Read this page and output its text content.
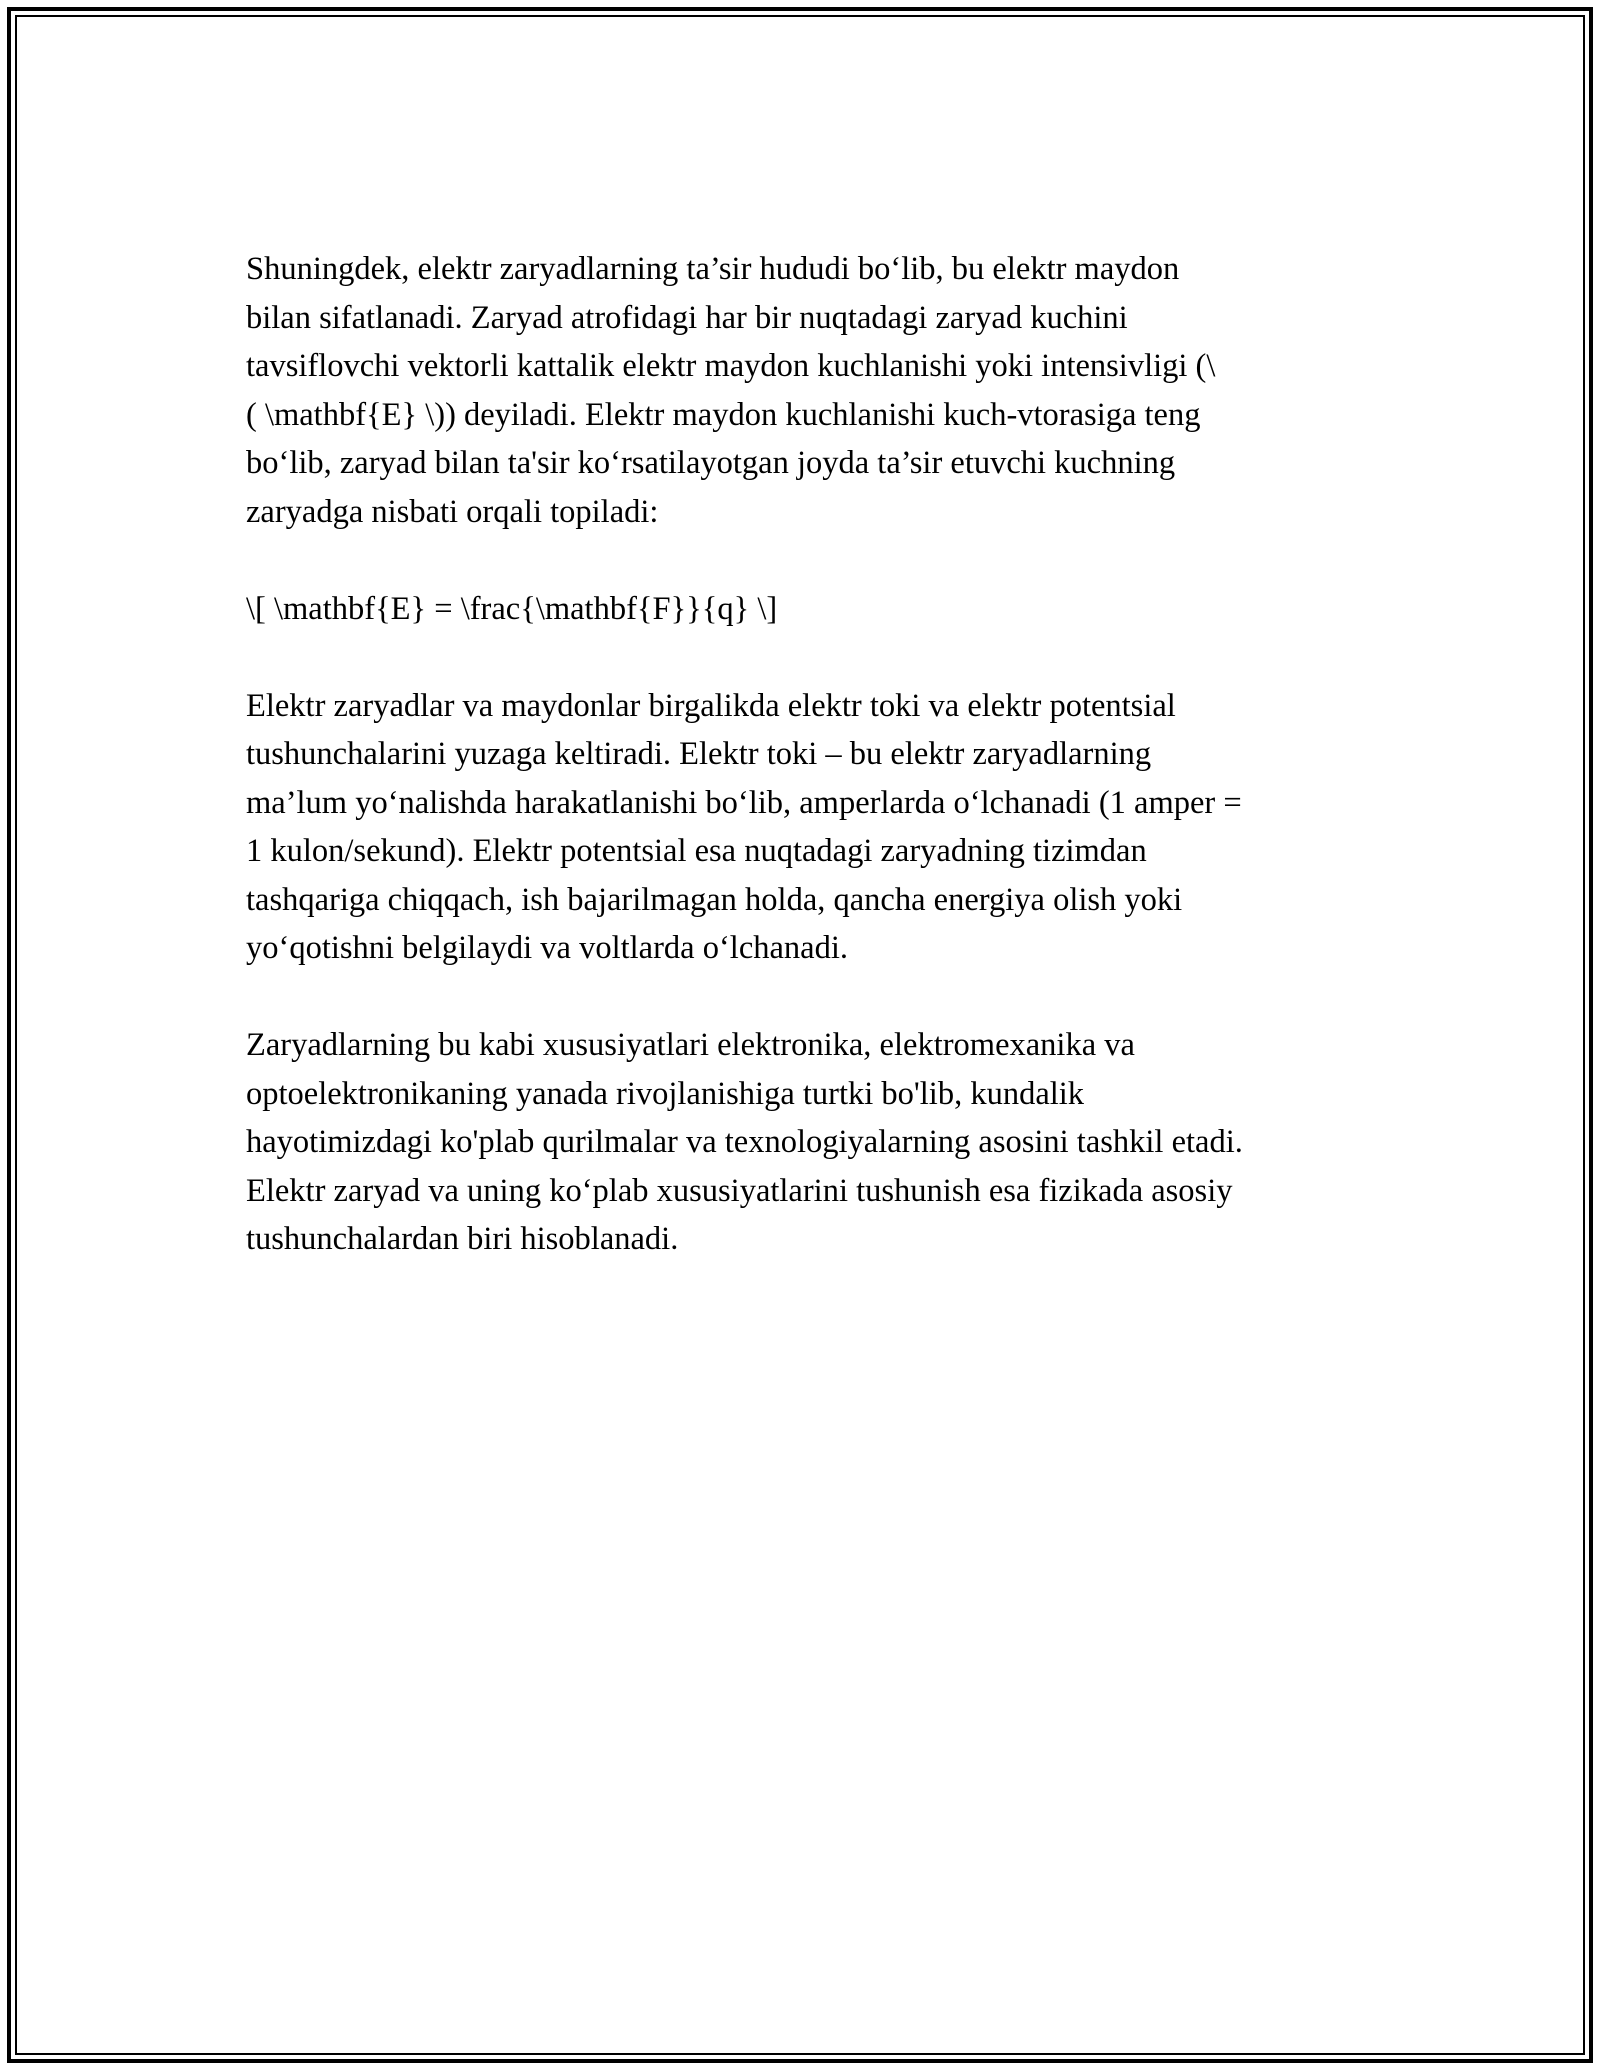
Shuningdek, elektr zaryadlarning ta’sir hududi bo‘lib, bu elektr maydon
bilan sifatlanadi. Zaryad atrofidagi har bir nuqtadagi zaryad kuchini
tavsiflovchi vektorli kattalik elektr maydon kuchlanishi yoki intensivligi (\
( \mathbf{E} \)) deyiladi. Elektr maydon kuchlanishi kuch-vtorasiga teng
bo‘lib, zaryad bilan ta'sir ko‘rsatilayotgan joyda ta’sir etuvchi kuchning
zaryadga nisbati orqali topiladi:

\[ \mathbf{E} = \frac{\mathbf{F}}{q} \]

Elektr zaryadlar va maydonlar birgalikda elektr toki va elektr potentsial
tushunchalarini yuzaga keltiradi. Elektr toki – bu elektr zaryadlarning
ma’lum yo‘nalishda harakatlanishi bo‘lib, amperlarda o‘lchanadi (1 amper =
1 kulon/sekund). Elektr potentsial esa nuqtadagi zaryadning tizimdan
tashqariga chiqqach, ish bajarilmagan holda, qancha energiya olish yoki
yo‘qotishni belgilaydi va voltlarda o‘lchanadi.

Zaryadlarning bu kabi xususiyatlari elektronika, elektromexanika va
optoelektronikaning yanada rivojlanishiga turtki bo'lib, kundalik
hayotimizdagi ko'plab qurilmalar va texnologiyalarning asosini tashkil etadi.
Elektr zaryad va uning ko‘plab xususiyatlarini tushunish esa fizikada asosiy
tushunchalardan biri hisoblanadi.
